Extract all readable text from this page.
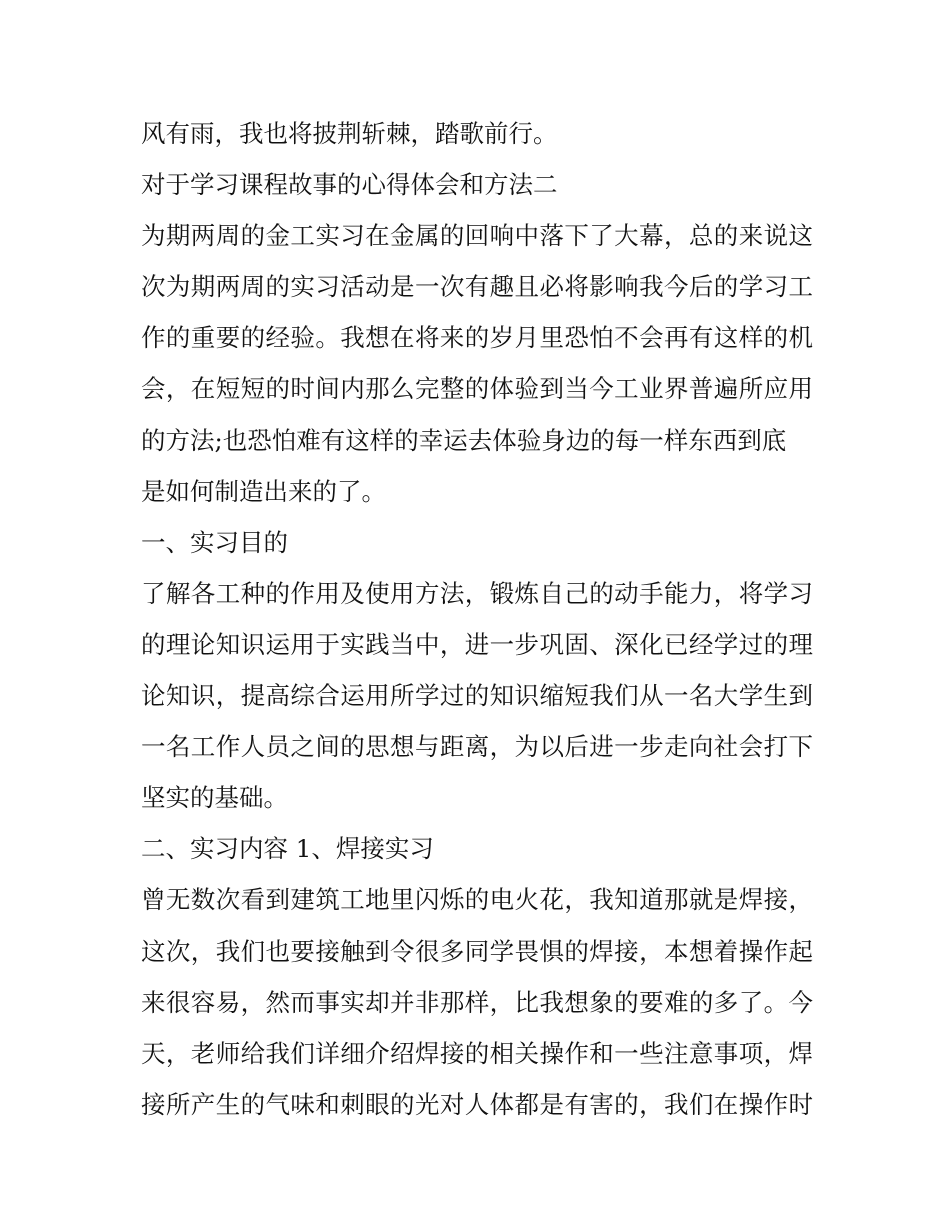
风有雨，我也将披荆斩棘，踏歌前行。
对于学习课程故事的心得体会和方法二
为期两周的金工实习在金属的回响中落下了大幕，总的来说这
次为期两周的实习活动是一次有趣且必将影响我今后的学习工
作的重要的经验。我想在将来的岁月里恐怕不会再有这样的机
会，在短短的时间内那么完整的体验到当今工业界普遍所应用
的方法;也恐怕难有这样的幸运去体验身边的每一样东西到底
是如何制造出来的了。
一、实习目的
了解各工种的作用及使用方法，锻炼自己的动手能力，将学习
的理论知识运用于实践当中，进一步巩固、深化已经学过的理
论知识，提高综合运用所学过的知识缩短我们从一名大学生到
一名工作人员之间的思想与距离，为以后进一步走向社会打下
坚实的基础。
二、实习内容 1、焊接实习
曾无数次看到建筑工地里闪烁的电火花，我知道那就是焊接，
这次，我们也要接触到令很多同学畏惧的焊接，本想着操作起
来很容易，然而事实却并非那样，比我想象的要难的多了。今
天，老师给我们详细介绍焊接的相关操作和一些注意事项，焊
接所产生的气味和刺眼的光对人体都是有害的，我们在操作时
